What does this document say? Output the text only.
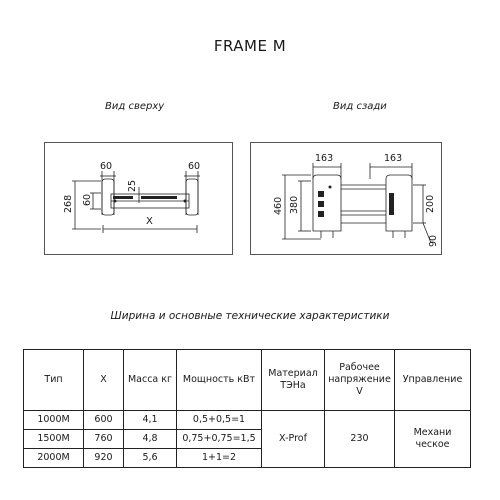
FRAME M
Вид сверху	Вид сзади
60	60
268 60
25
X
163	163
460 380	200
90
Ширина и основные технические характеристики
Тип	X	Масса кг	Мощность кВт	Материал ТЭНа	Рабочее напряжение V	Управление
1000M	600	4,1	0,5+0,5=1	X-Prof	230	Механи ческое
1500M	760	4,8	0,75+0,75=1,5			
2000M	920	5,6	1+1=2			
